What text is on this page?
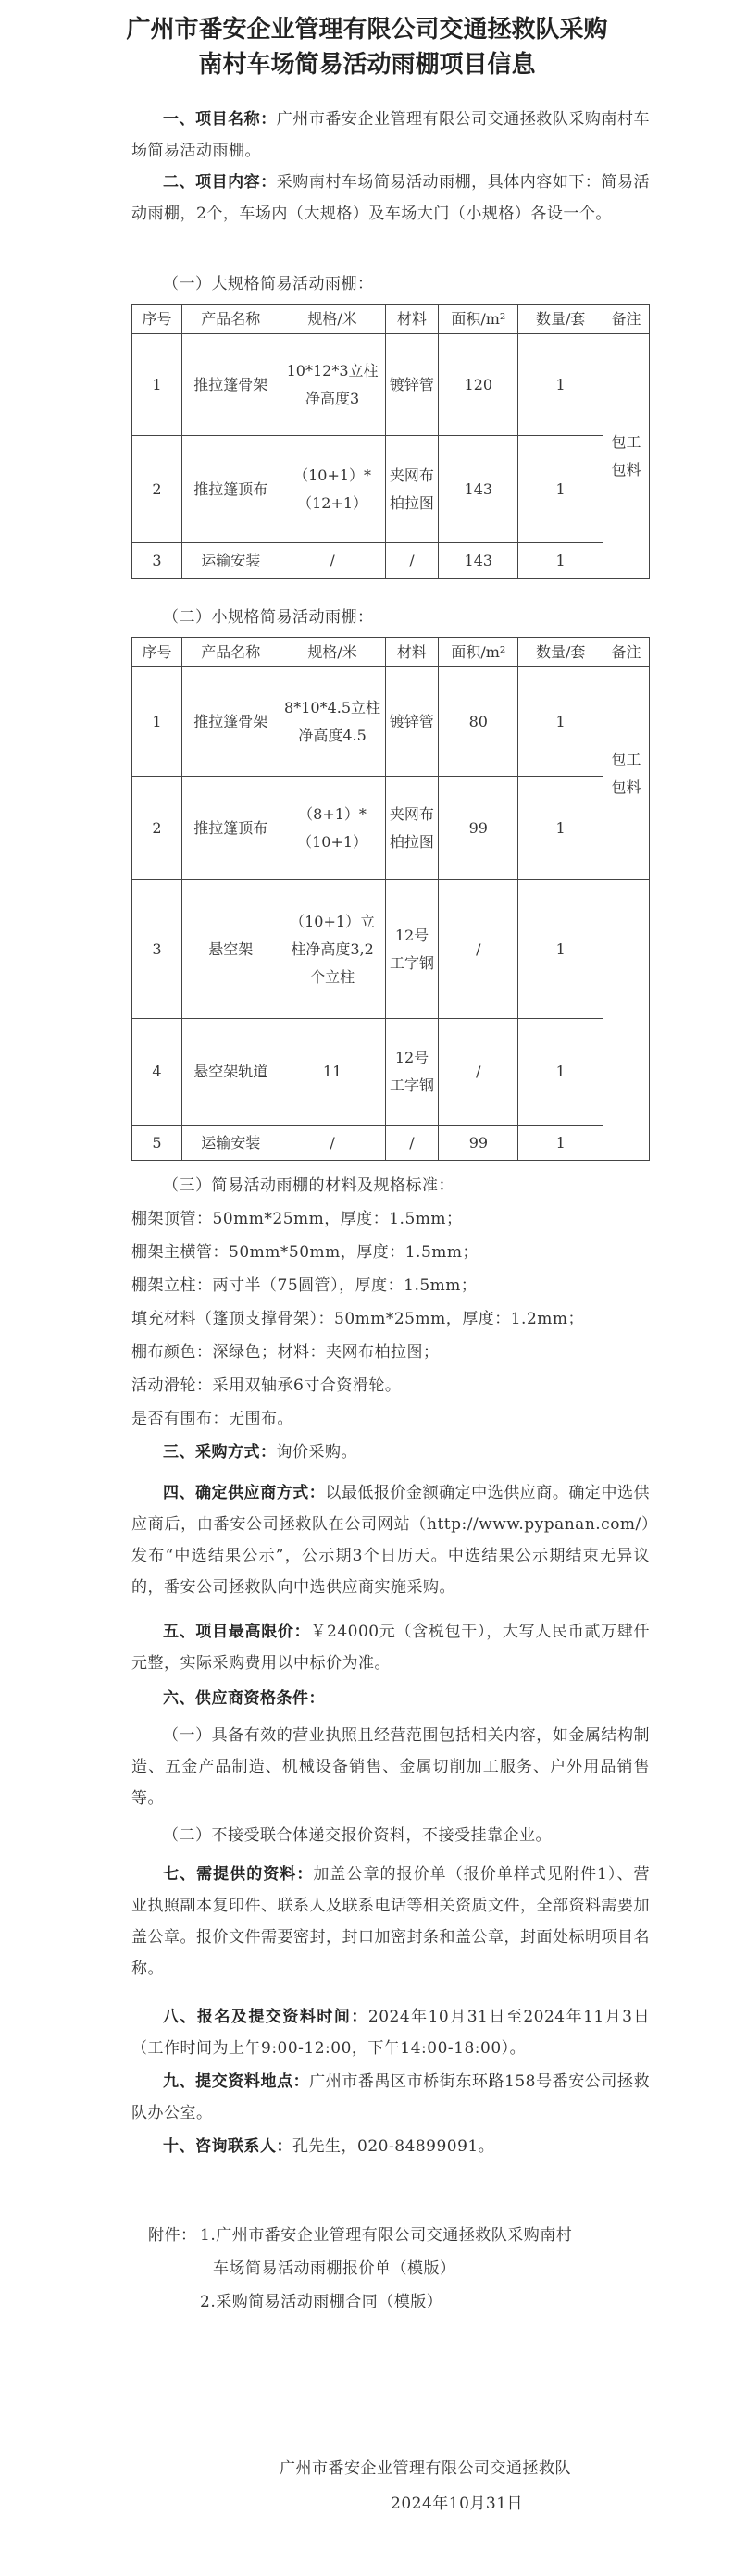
广州市番安企业管理有限公司交通拯救队采购
南村车场简易活动雨棚项目信息
一、项目名称：广州市番安企业管理有限公司交通拯救队采购南村车场简易活动雨棚。
二、项目内容：采购南村车场简易活动雨棚，具体内容如下：简易活动雨棚，2个，车场内（大规格）及车场大门（小规格）各设一个。
（一）大规格简易活动雨棚：
序号	产品名称	规格/米	材料	面积/m²	数量/套	备注
1	推拉篷骨架	10*12*3立柱净高度3	镀锌管	120	1	包工包料
2	推拉篷顶布	（10+1）*（12+1）	夹网布柏拉图	143	1	
3	运输安装	/	/	143	1	
（二）小规格简易活动雨棚：
序号	产品名称	规格/米	材料	面积/m²	数量/套	备注
1	推拉篷骨架	8*10*4.5立柱净高度4.5	镀锌管	80	1	包工包料
2	推拉篷顶布	（8+1）*（10+1）	夹网布柏拉图	99	1	
3	悬空架	（10+1）立柱净高度3,2个立柱	12号工字钢	/	1	
4	悬空架轨道	11	12号工字钢	/	1	
5	运输安装	/	/	99	1	
（三）简易活动雨棚的材料及规格标准：
棚架顶管：50mm*25mm，厚度：1.5mm；
棚架主横管：50mm*50mm，厚度：1.5mm；
棚架立柱：两寸半（75圆管），厚度：1.5mm；
填充材料（篷顶支撑骨架）：50mm*25mm，厚度：1.2mm；
棚布颜色：深绿色；材料：夹网布柏拉图；
活动滑轮：采用双轴承6寸合资滑轮。
是否有围布：无围布。
三、采购方式：询价采购。
四、确定供应商方式：以最低报价金额确定中选供应商。确定中选供应商后，由番安公司拯救队在公司网站（http://www.pypanan.com/）发布“中选结果公示”，公示期3个日历天。中选结果公示期结束无异议的，番安公司拯救队向中选供应商实施采购。
五、项目最高限价：￥24000元（含税包干），大写人民币贰万肆仟元整，实际采购费用以中标价为准。
六、供应商资格条件：
（一）具备有效的营业执照且经营范围包括相关内容，如金属结构制造、五金产品制造、机械设备销售、金属切削加工服务、户外用品销售等。
（二）不接受联合体递交报价资料，不接受挂靠企业。
七、需提供的资料：加盖公章的报价单（报价单样式见附件1）、营业执照副本复印件、联系人及联系电话等相关资质文件，全部资料需要加盖公章。报价文件需要密封，封口加密封条和盖公章，封面处标明项目名称。
八、报名及提交资料时间：2024年10月31日至2024年11月3日（工作时间为上午9:00-12:00，下午14:00-18:00）。
九、提交资料地点：广州市番禺区市桥街东环路158号番安公司拯救队办公室。
十、咨询联系人：孔先生，020-84899091。
附件： 1.广州市番安企业管理有限公司交通拯救队采购南村
车场简易活动雨棚报价单（模版）
2.采购简易活动雨棚合同（模版）
广州市番安企业管理有限公司交通拯救队
2024年10月31日
